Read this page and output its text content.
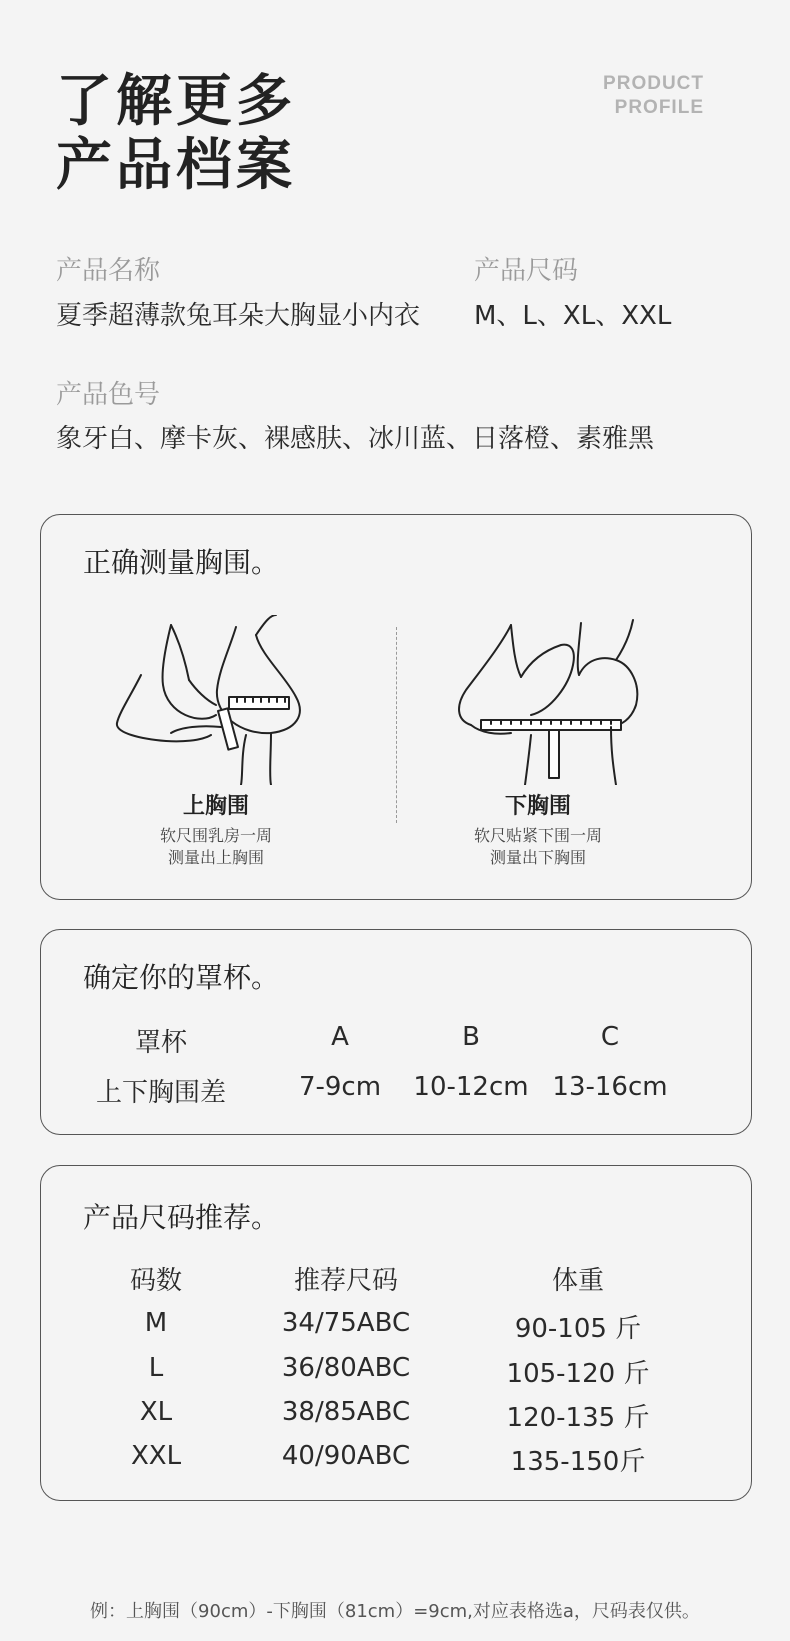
了解更多
产品档案
PRODUCT
PROFILE
产品名称
夏季超薄款兔耳朵大胸显小内衣
产品尺码
M、L、XL、XXL
产品色号
象牙白、摩卡灰、裸感肤、冰川蓝、日落橙、素雅黑
正确测量胸围。
上胸围
软尺围乳房一周
测量出上胸围
下胸围
软尺贴紧下围一周
测量出下胸围
确定你的罩杯。
罩杯	A	B	C
上下胸围差	7-9cm 10-12cm 13-16cm
产品尺码推荐。
码数	推荐尺码	体重
M	34/75ABC	90-105 斤
L	36/80ABC	105-120 斤
XL	38/85ABC	120-135 斤
XXL	40/90ABC	135-150斤
例：上胸围（90cm）-下胸围（81cm）=9cm,对应表格选a，尺码表仅供。
